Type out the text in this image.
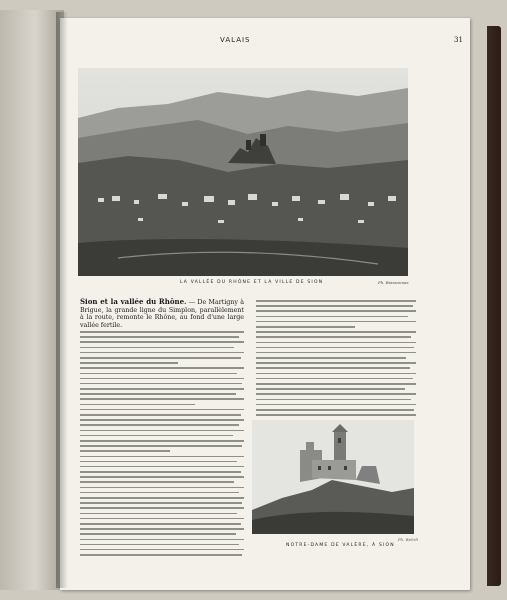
VALAIS	31
LA VALLÉE DU RHÔNE ET LA VILLE DE SION	Ph. Boissonnas
Sion et la vallée du Rhône. — De Martigny à Brigue, la grande ligne du Simplon, parallèlement à la route, remonte le Rhône, au fond d'une large vallée fertile.
Ph. Wehrli
NOTRE-DAME DE VALÈRE, À SION
